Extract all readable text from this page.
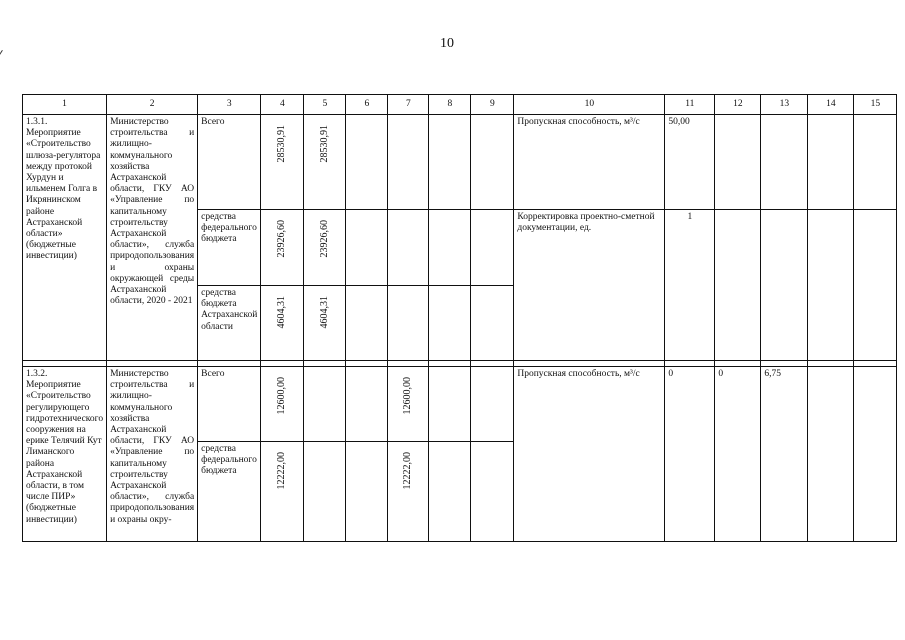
10
1	2	3	4	5	6	7	8	9	10	11	12	13	14	15
1.3.1. Мероприятие «Строительство шлюза-регулятора между протокой Хурдун и ильменем Голга в Икрянинском районе Астраханской области» (бюджетные инвестиции)	Министерство строительства и жилищно-коммунального хозяйства Астраханской области, ГКУ АО «Управление по капитальному строительству Астраханской области», служба природопользования и охраны окружающей среды Астраханской области, 2020 - 2021	Всего	28530,91	28530,91					Пропускная способность, м³/с	50,00				
		средства федерального бюджета	23926,60	23926,60					Корректировка проектно-сметной документации, ед.	1				
		средства бюджета Астраханской области	4604,31	4604,31										

1.3.2. Мероприятие «Строительство регулирующего гидротехнического сооружения на ерике Телячий Кут Лиманского района Астраханской области, в том числе ПИР» (бюджетные инвестиции)	Министерство строительства и жилищно-коммунального хозяйства Астраханской области, ГКУ АО «Управление по капитальному строительству Астраханской области», служба природопользования и охраны окру-	Всего	12600,00			12600,00			Пропускная способность, м³/с	0	0	6,75		
		средства федерального бюджета	12222,00			12222,00								
